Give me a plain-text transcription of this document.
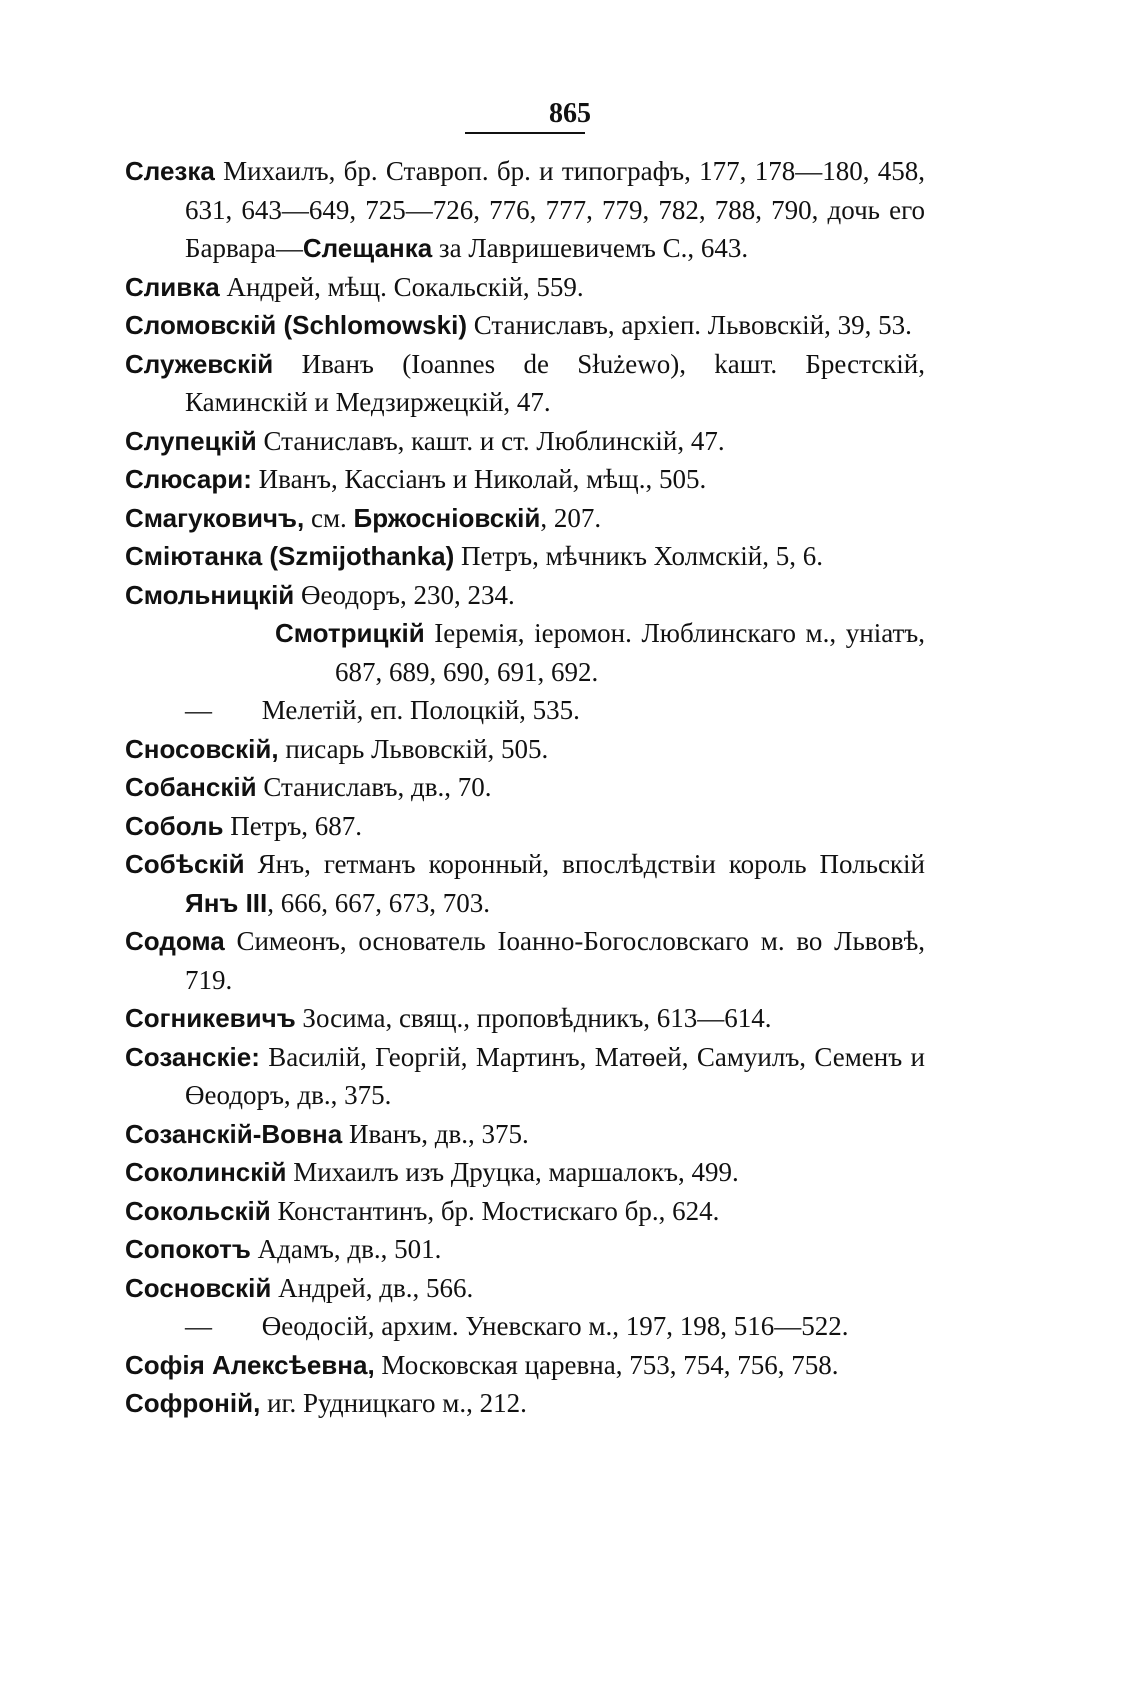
865
Слезка Михаилъ, бр. Ставроп. бр. и типографъ, 177, 178—180, 458, 631, 643—649, 725—726, 776, 777, 779, 782, 788, 790, дочь его Барвара—Слещанка за Лавришевичемъ С., 643.
Сливка Андрей, мѣщ. Сокальскій, 559.
Сломовскій (Schlomowski) Станиславъ, архіеп. Львовскій, 39, 53.
Служевскій Иванъ (Ioannes de Służewo), kaшт. Брестскій, Каминскій и Медзиржецкій, 47.
Слупецкій Станиславъ, кашт. и ст. Люблинскій, 47.
Слюсари: Иванъ, Кассіанъ и Николай, мѣщ., 505.
Смагуковичъ, см. Бржосніовскій, 207.
Сміютанка (Szmijothanka) Петръ, мѣчникъ Холмскій, 5, 6.
Смольницкій Өеодоръ, 230, 234.
Смотрицкій Іеремія, іеромон. Люблинскаго м., уніатъ, 687, 689, 690, 691, 692.
— Мелетій, еп. Полоцкій, 535.
Сносовскій, писарь Львовскій, 505.
Собанскій Станиславъ, дв., 70.
Соболь Петръ, 687.
Собѣскій Янъ, гетманъ коронный, впослѣдствіи король Польскій Янъ III, 666, 667, 673, 703.
Содома Симеонъ, основатель Іоанно-Богословскаго м. во Львовѣ, 719.
Согникевичъ Зосима, свящ., проповѣдникъ, 613—614.
Созанскіе: Василій, Георгій, Мартинъ, Матөей, Самуилъ, Семенъ и Өеодоръ, дв., 375.
Созанскій-Вовна Иванъ, дв., 375.
Соколинскій Михаилъ изъ Друцка, маршалокъ, 499.
Сокольскій Константинъ, бр. Мостискаго бр., 624.
Сопокотъ Адамъ, дв., 501.
Сосновскій Андрей, дв., 566.
— Өеодосій, архим. Уневскаго м., 197, 198, 516—522.
Софія Алексѣевна, Московская царевна, 753, 754, 756, 758.
Софроній, иг. Рудницкаго м., 212.
